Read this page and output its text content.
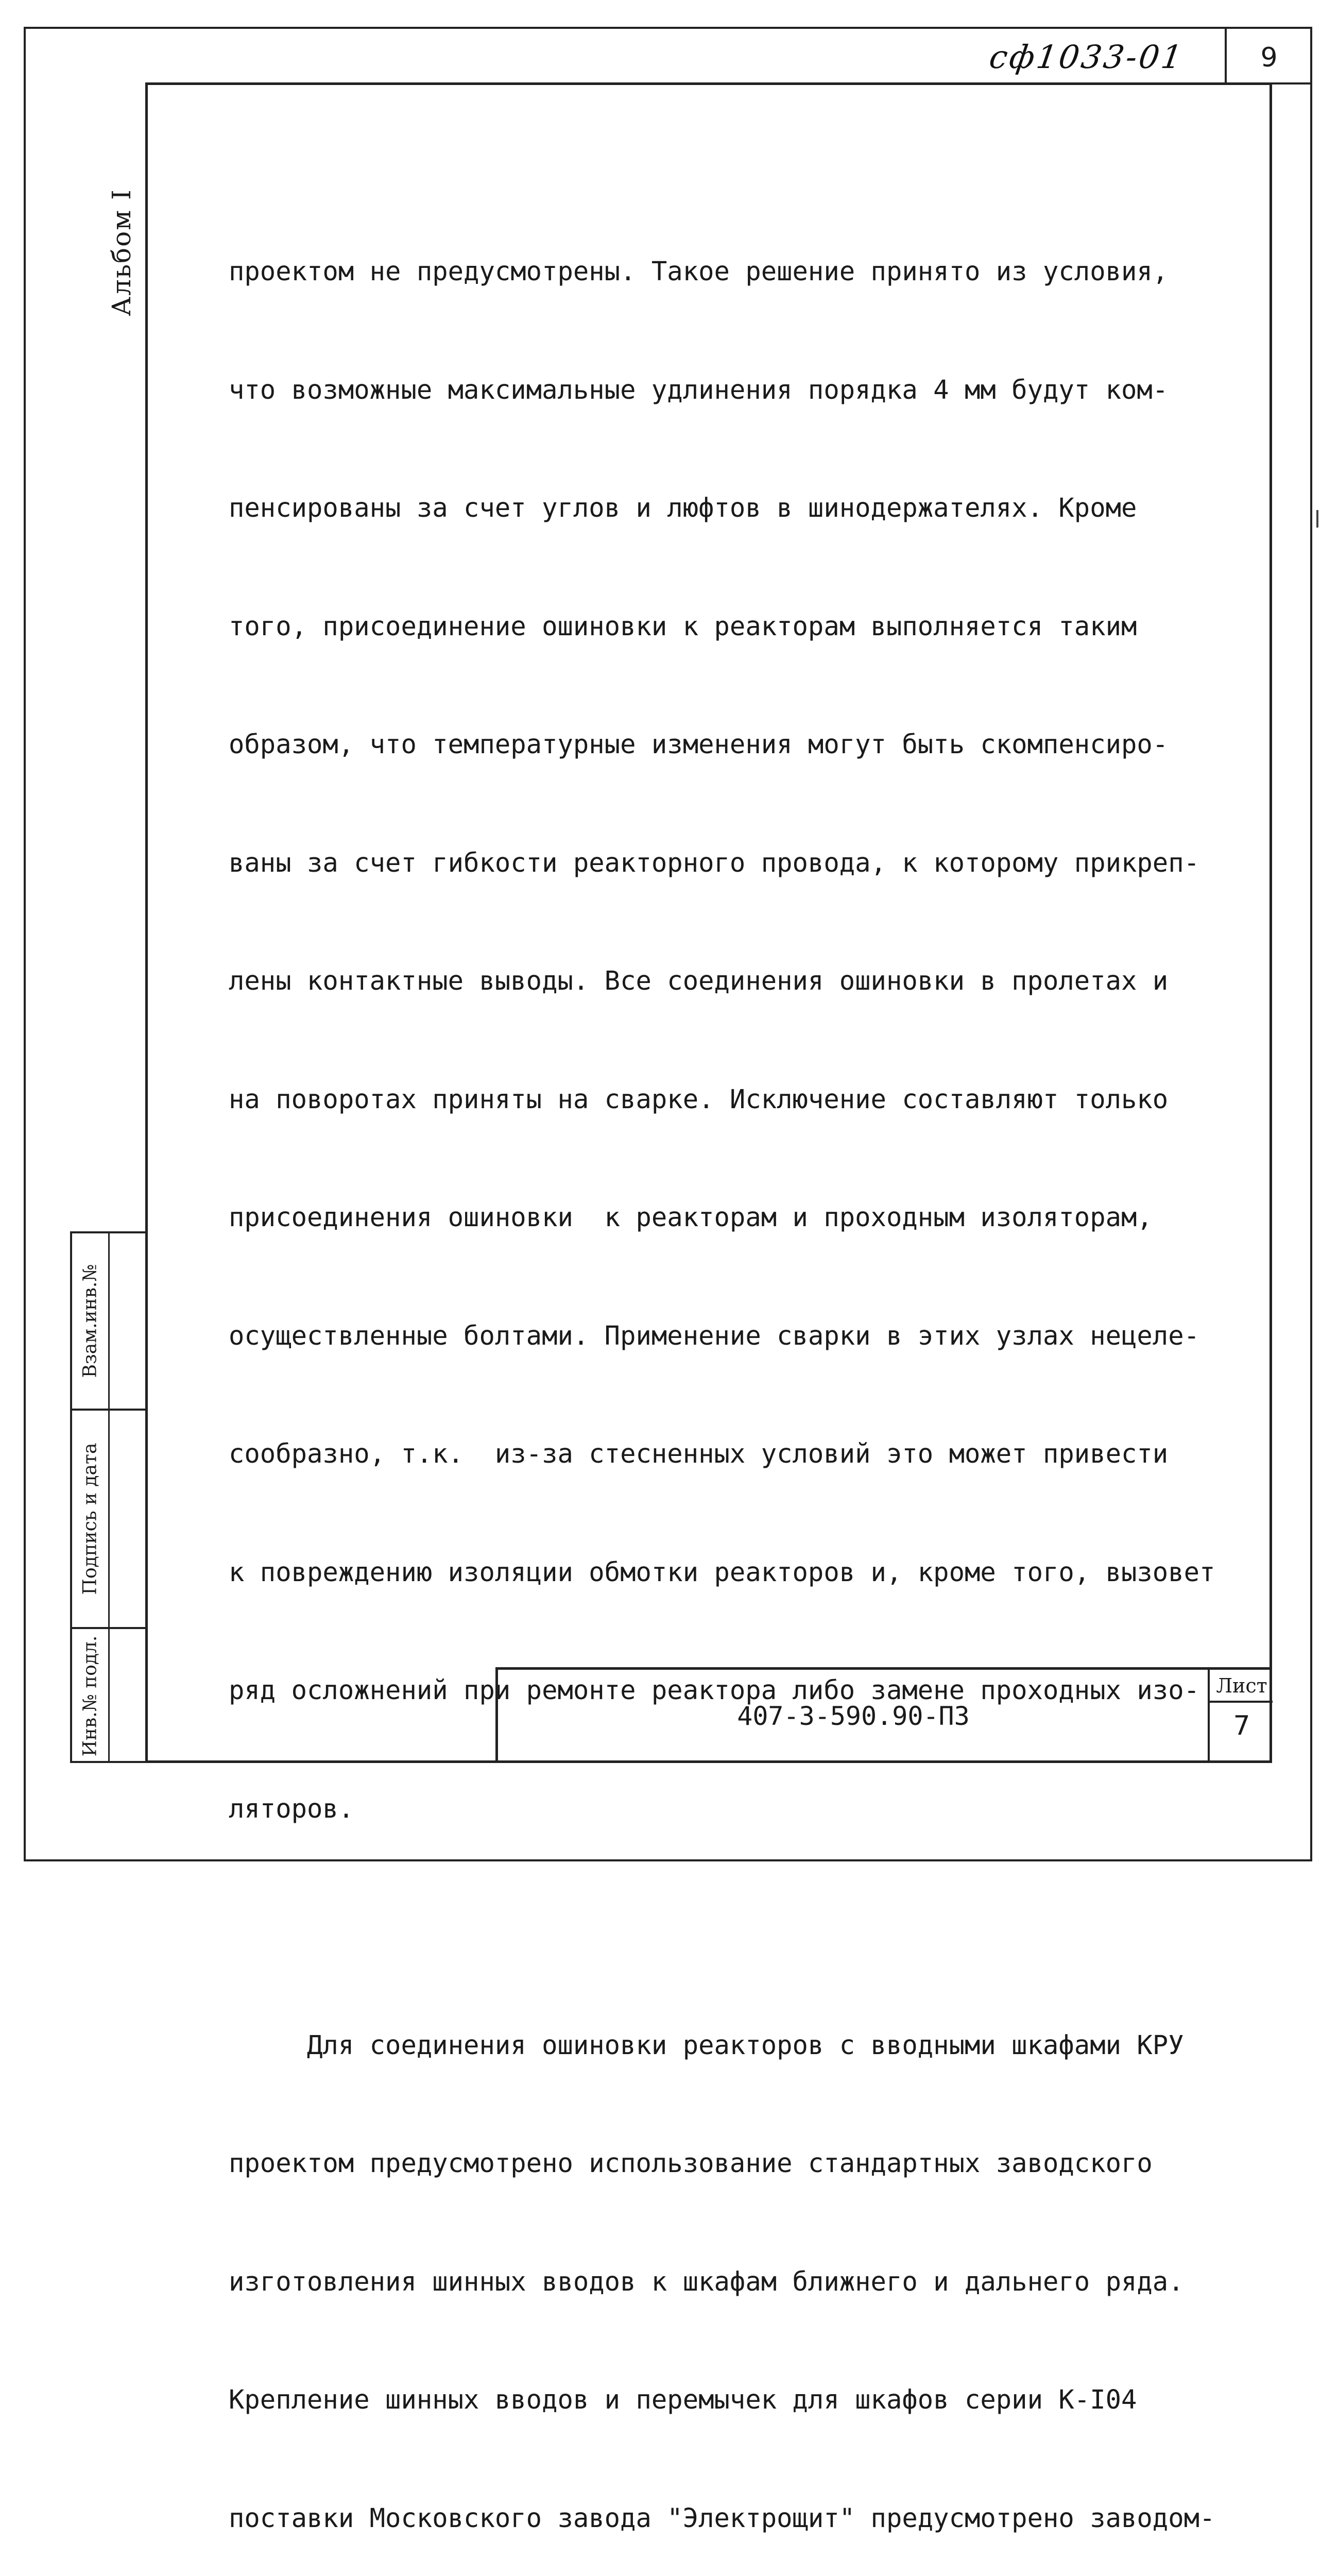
сф1033-01	9
Альбом I
Взам.инв.№
Подпись и дата
Инв.№ подл.

проектом не предусмотрены. Такое решение принято из условия,

что возможные максимальные удлинения порядка 4 мм будут ком-

пенсированы за счет углов и люфтов в шинодержателях. Кроме

того, присоединение ошиновки к реакторам выполняется таким

образом, что температурные изменения могут быть скомпенсиро-

ваны за счет гибкости реакторного провода, к которому прикреп-

лены контактные выводы. Все соединения ошиновки в пролетах и

на поворотах приняты на сварке. Исключение составляют только

присоединения ошиновки  к реакторам и проходным изоляторам,

осуществленные болтами. Применение сварки в этих узлах нецеле-

сообразно, т.к.  из-за стесненных условий это может привести

к повреждению изоляции обмотки реакторов и, кроме того, вызовет

ряд осложнений при ремонте реактора либо замене проходных изо-

ляторов.

Для соединения ошиновки реакторов с вводными шкафами КРУ

проектом предусмотрено использование стандартных заводского

изготовления шинных вводов к шкафам ближнего и дальнего ряда.

Крепление шинных вводов и перемычек для шкафов серии К-I04

поставки Московского завода "Электрощит" предусмотрено заводом-

407-3-590.90-ПЗ
Лист
7
